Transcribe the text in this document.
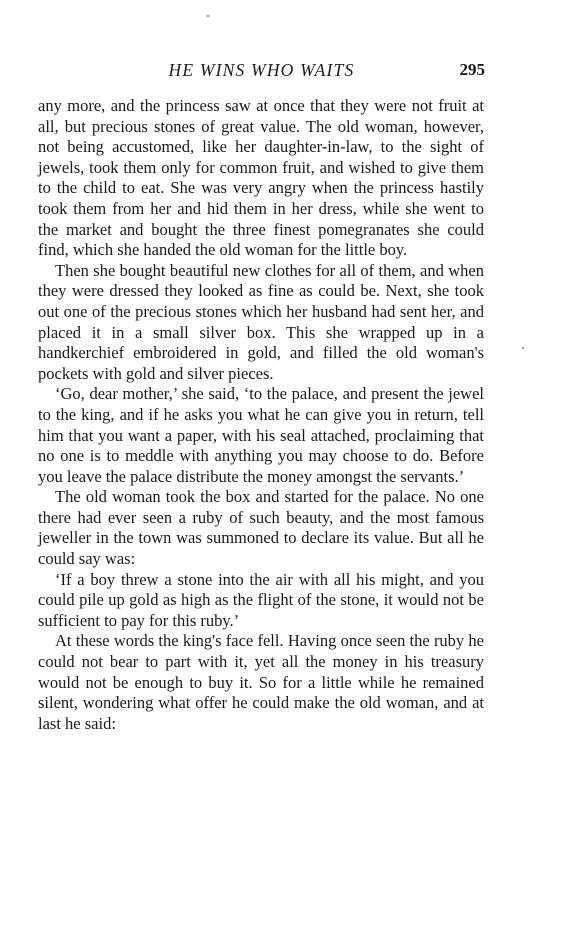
HE WINS WHO WAITS	295

any more, and the princess saw at once that they were not fruit at all, but precious stones of great value. The old woman, however, not being accustomed, like her daughter-in-law, to the sight of jewels, took them only for common fruit, and wished to give them to the child to eat. She was very angry when the princess hastily took them from her and hid them in her dress, while she went to the market and bought the three finest pomegranates she could find, which she handed the old woman for the little boy.

Then she bought beautiful new clothes for all of them, and when they were dressed they looked as fine as could be. Next, she took out one of the precious stones which her husband had sent her, and placed it in a small silver box. This she wrapped up in a handkerchief embroidered in gold, and filled the old woman's pockets with gold and silver pieces.

‘Go, dear mother,’ she said, ‘to the palace, and present the jewel to the king, and if he asks you what he can give you in return, tell him that you want a paper, with his seal attached, proclaiming that no one is to meddle with anything you may choose to do. Before you leave the palace distribute the money amongst the servants.’

The old woman took the box and started for the palace. No one there had ever seen a ruby of such beauty, and the most famous jeweller in the town was summoned to declare its value. But all he could say was:

‘If a boy threw a stone into the air with all his might, and you could pile up gold as high as the flight of the stone, it would not be sufficient to pay for this ruby.’

At these words the king's face fell. Having once seen the ruby he could not bear to part with it, yet all the money in his treasury would not be enough to buy it. So for a little while he remained silent, wondering what offer he could make the old woman, and at last he said:
